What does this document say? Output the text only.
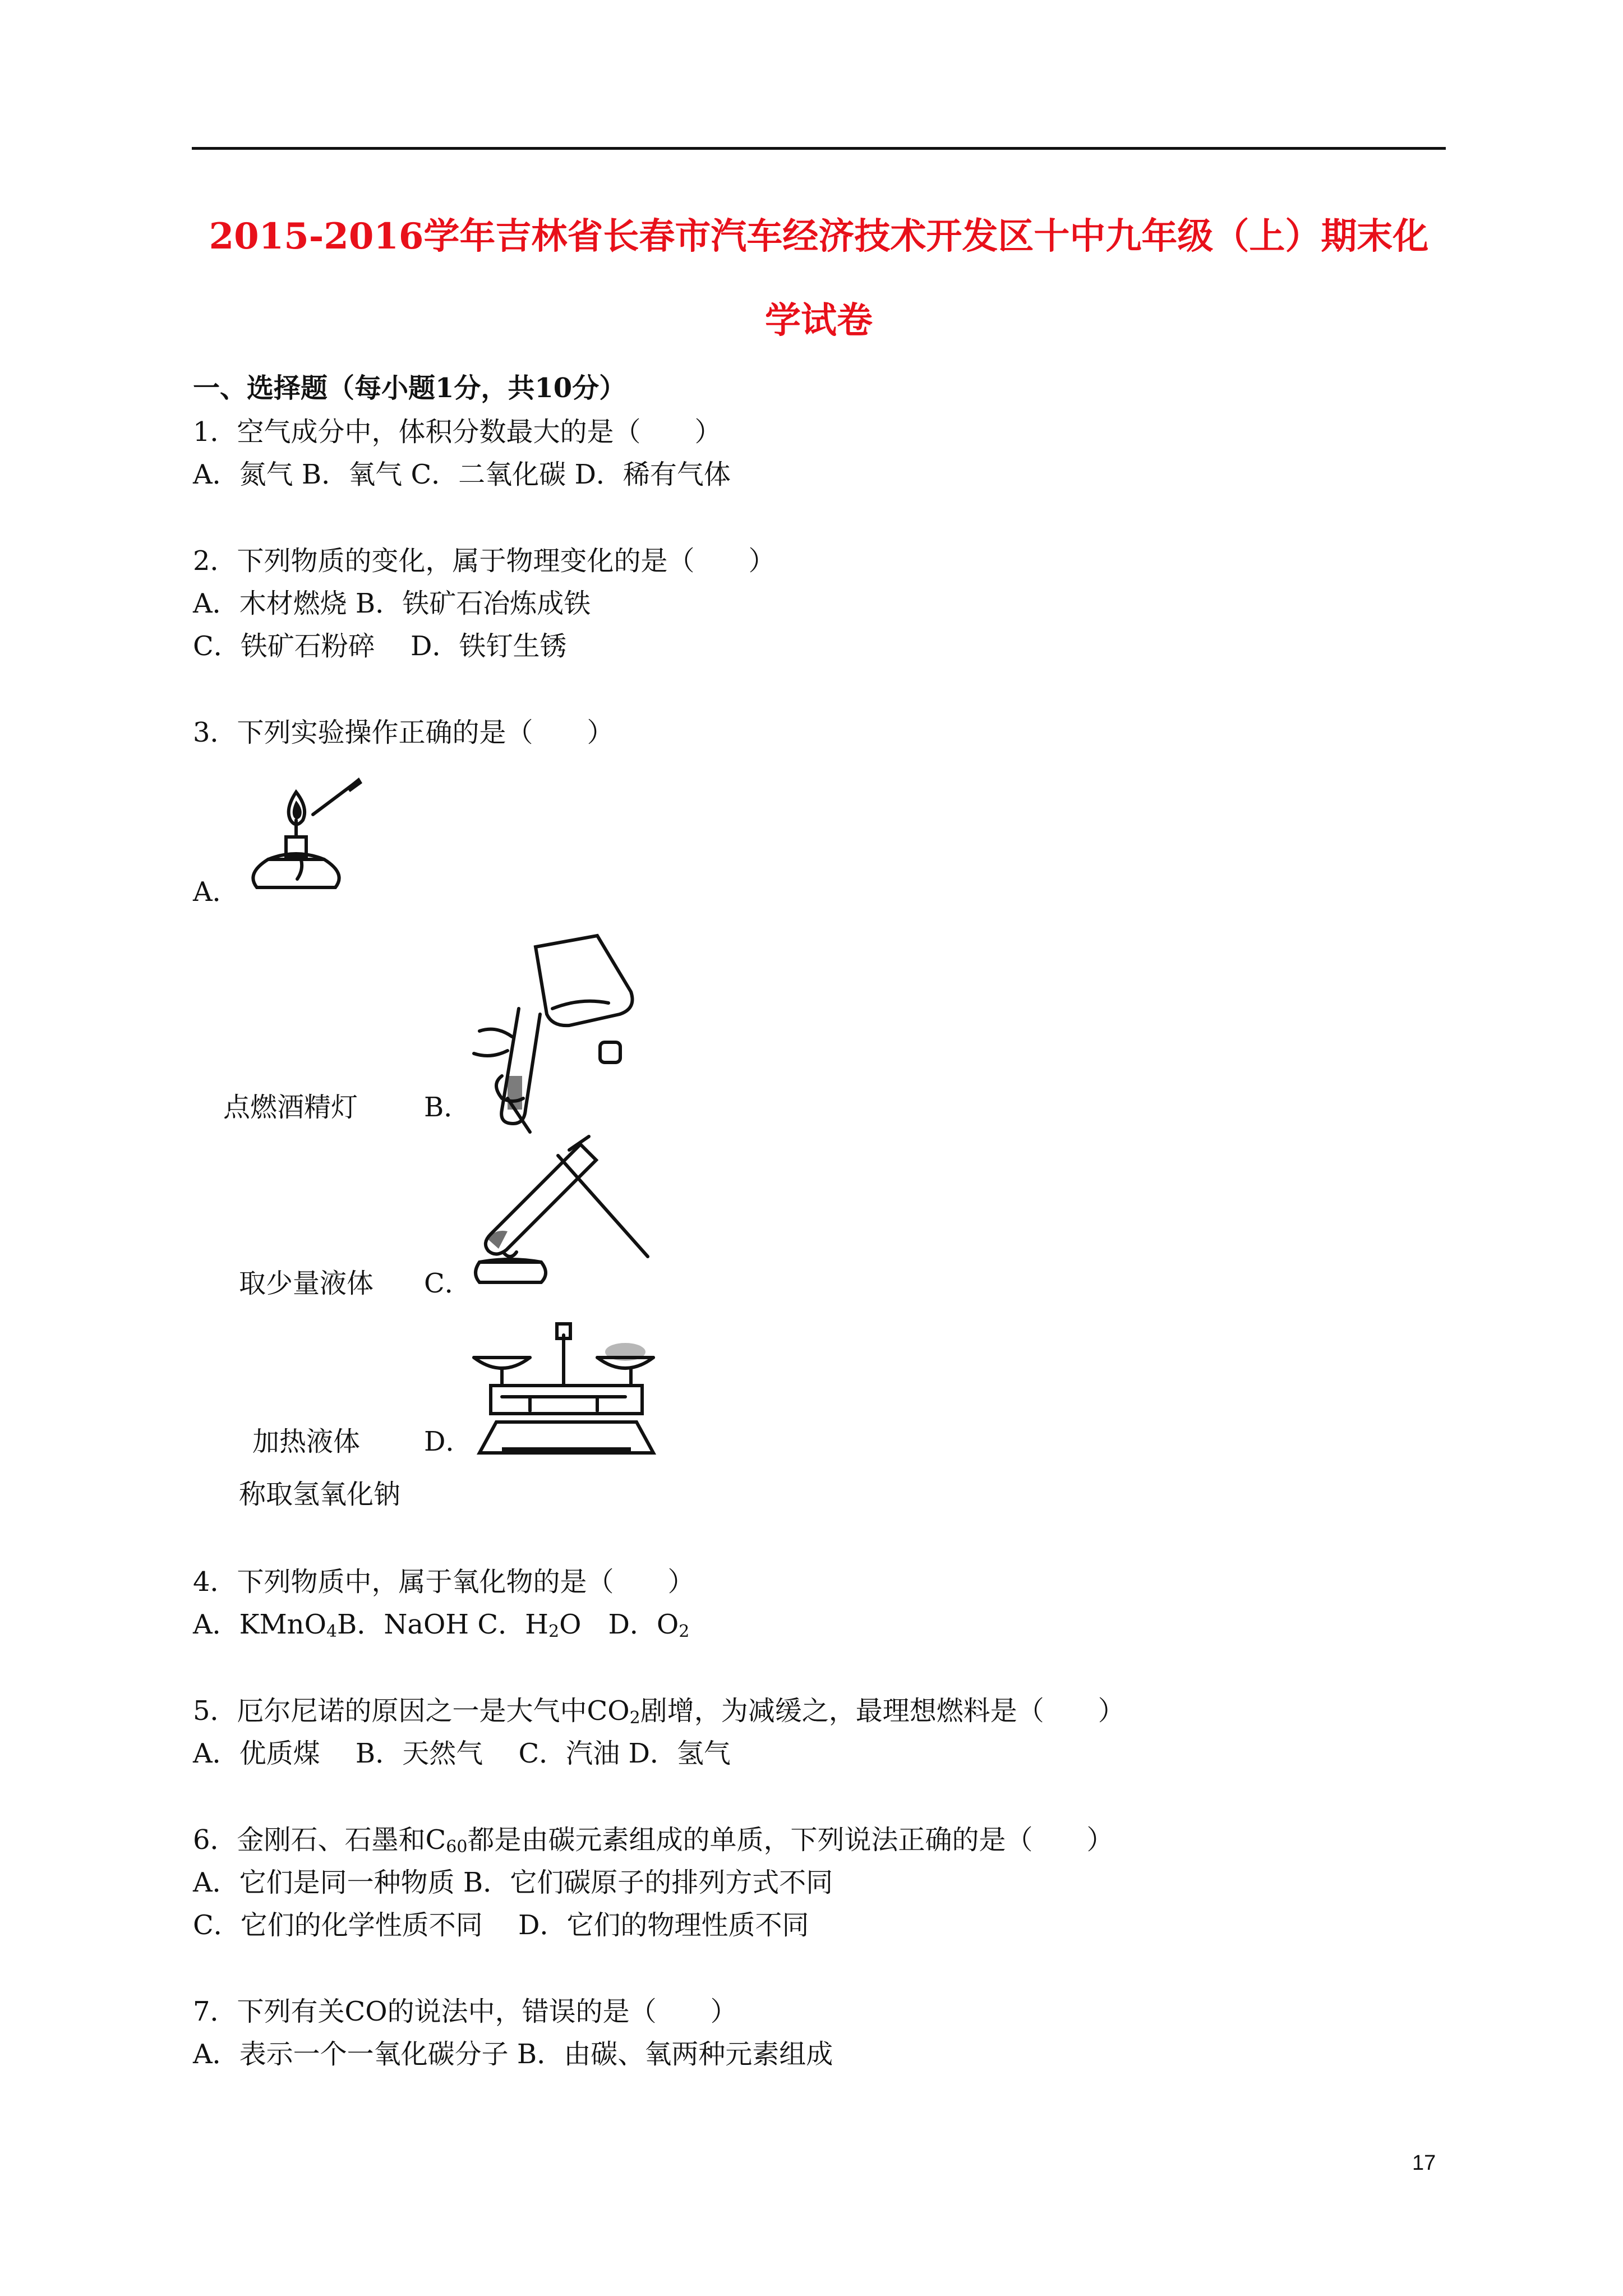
2015-2016学年吉林省长春市汽车经济技术开发区十中九年级（上）期末化
学试卷
一、选择题（每小题1分，共10分）
1．空气成分中，体积分数最大的是（　　）
A．氮气 B．氧气 C．二氧化碳 D．稀有气体
2．下列物质的变化，属于物理变化的是（　　）
A．木材燃烧 B．铁矿石冶炼成铁
C．铁矿石粉碎　 D．铁钉生锈
3．下列实验操作正确的是（　　）
A．
点燃酒精灯 B．
取少量液体 C．
加热液体 D．
称取氢氧化钠
4．下列物质中，属于氧化物的是（　　）
A．KMnO$_4$B．NaOH C．$H_2O$　D．$O_2$
5．厄尔尼诺的原因之一是大气中$CO_2$剧增，为减缓之，最理想燃料是（　　）
A．优质煤　 B．天然气　 C．汽油 D．氢气
6．金刚石、石墨和$C_{60}$都是由碳元素组成的单质，下列说法正确的是（　　）
A．它们是同一种物质 B．它们碳原子的排列方式不同
C．它们的化学性质不同　 D．它们的物理性质不同
7．下列有关CO的说法中，错误的是（　　）
A．表示一个一氧化碳分子 B．由碳、氧两种元素组成
17
